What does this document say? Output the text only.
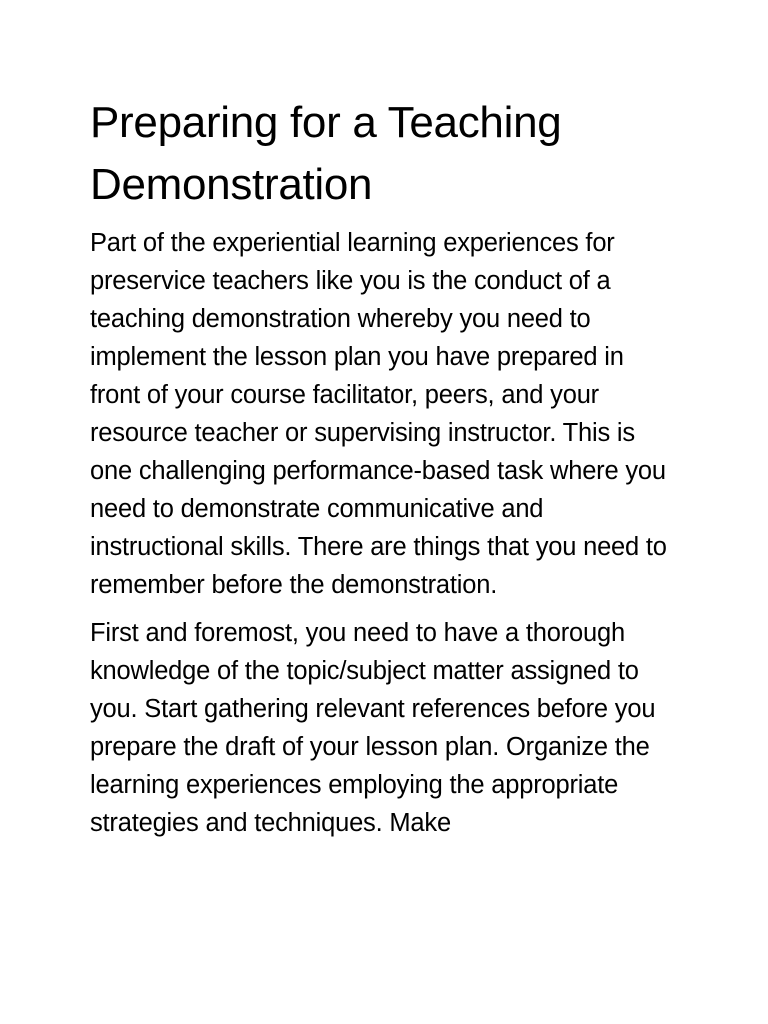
Preparing for a Teaching Demonstration

Part of the experiential learning experiences for preservice teachers like you is the conduct of a teaching demonstration whereby you need to implement the lesson plan you have prepared in front of your course facilitator, peers, and your resource teacher or supervising instructor. This is one challenging performance-based task where you need to demonstrate communicative and instructional skills. There are things that you need to remember before the demonstration.

First and foremost, you need to have a thorough knowledge of the topic/subject matter assigned to you. Start gathering relevant references before you prepare the draft of your lesson plan. Organize the learning experiences employing the appropriate strategies and techniques. Make
